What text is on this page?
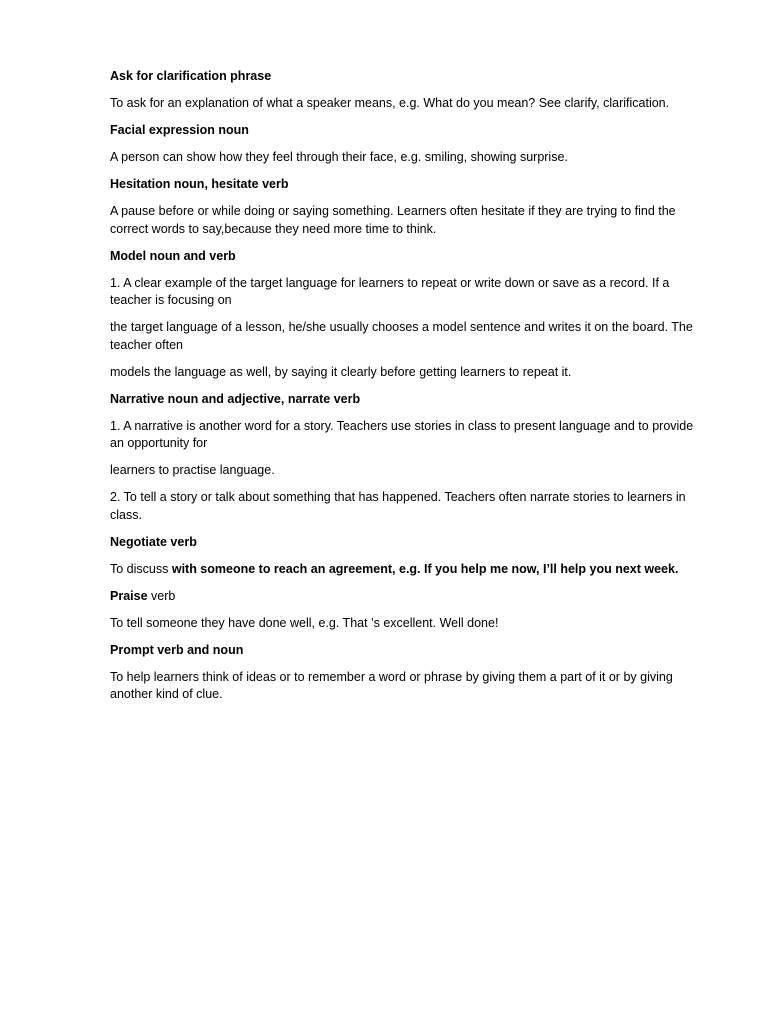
Ask for clarification phrase
To ask for an explanation of what a speaker means, e.g. What do you mean? See clarify, clarification.
Facial expression noun
A person can show how they feel through their face, e.g. smiling, showing surprise.
Hesitation noun, hesitate verb
A pause before or while doing or saying something. Learners often hesitate if they are trying to find the correct words to say,because they need more time to think.
Model noun and verb
1. A clear example of the target language for learners to repeat or write down or save as a record. If a teacher is focusing on
the target language of a lesson, he/she usually chooses a model sentence and writes it on the board. The teacher often
models the language as well, by saying it clearly before getting learners to repeat it.
Narrative noun and adjective, narrate verb
1. A narrative is another word for a story. Teachers use stories in class to present language and to provide an opportunity for
learners to practise language.
2. To tell a story or talk about something that has happened. Teachers often narrate stories to learners in class.
Negotiate verb
To discuss with someone to reach an agreement, e.g. If you help me now, I’ll help you next week.
Praise verb
To tell someone they have done well, e.g. That ’s excellent. Well done!
Prompt verb and noun
To help learners think of ideas or to remember a word or phrase by giving them a part of it or by giving another kind of clue.
